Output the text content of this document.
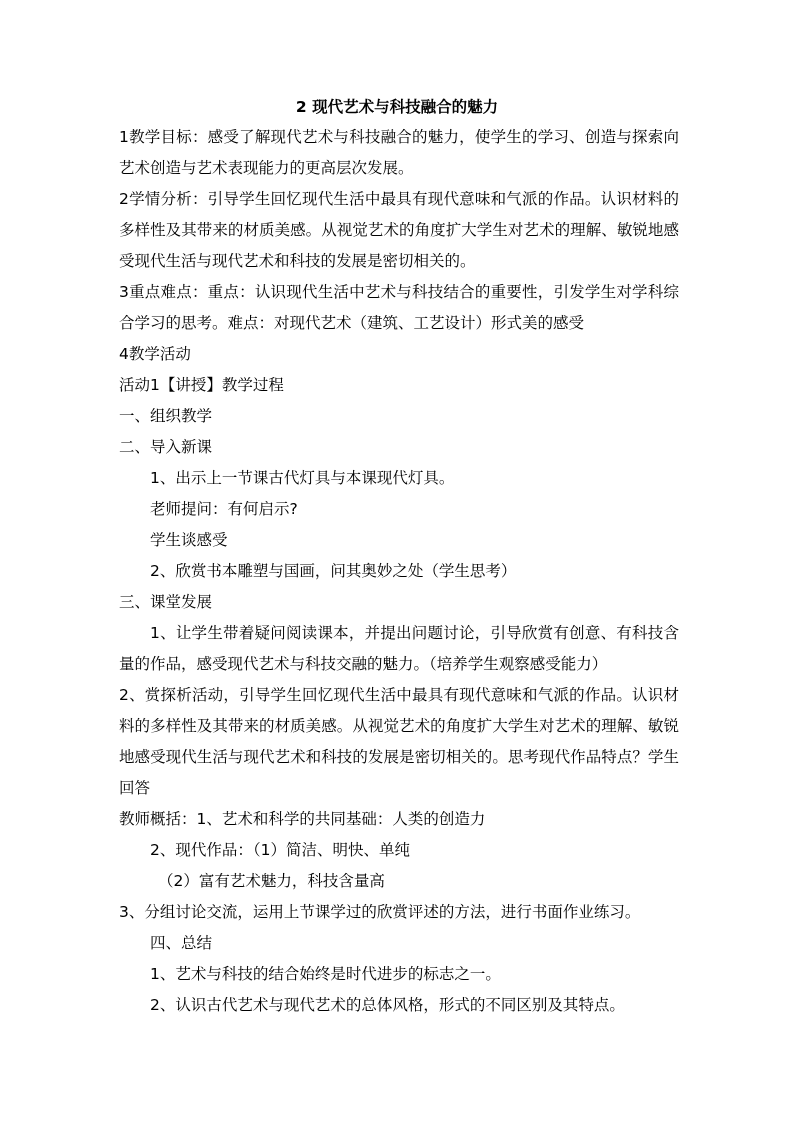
2 现代艺术与科技融合的魅力

1教学目标：感受了解现代艺术与科技融合的魅力，使学生的学习、创造与探索向艺术创造与艺术表现能力的更高层次发展。

2学情分析：引导学生回忆现代生活中最具有现代意味和气派的作品。认识材料的多样性及其带来的材质美感。从视觉艺术的角度扩大学生对艺术的理解、敏锐地感受现代生活与现代艺术和科技的发展是密切相关的。

3重点难点：重点：认识现代生活中艺术与科技结合的重要性，引发学生对学科综合学习的思考。难点：对现代艺术（建筑、工艺设计）形式美的感受

4教学活动

活动1【讲授】教学过程

一、组织教学

二、导入新课

1、出示上一节课古代灯具与本课现代灯具。

老师提问：有何启示?

学生谈感受

2、欣赏书本雕塑与国画，问其奥妙之处（学生思考）

三、课堂发展

1、让学生带着疑问阅读课本，并提出问题讨论，引导欣赏有创意、有科技含量的作品，感受现代艺术与科技交融的魅力。（培养学生观察感受能力）

2、赏探析活动，引导学生回忆现代生活中最具有现代意味和气派的作品。认识材料的多样性及其带来的材质美感。从视觉艺术的角度扩大学生对艺术的理解、敏锐地感受现代生活与现代艺术和科技的发展是密切相关的。思考现代作品特点？学生回答

教师概括：1、艺术和科学的共同基础：人类的创造力

2、现代作品：（1）简洁、明快、单纯

（2）富有艺术魅力，科技含量高

3、分组讨论交流，运用上节课学过的欣赏评述的方法，进行书面作业练习。

四、总结

1、艺术与科技的结合始终是时代进步的标志之一。

2、认识古代艺术与现代艺术的总体风格，形式的不同区别及其特点。
